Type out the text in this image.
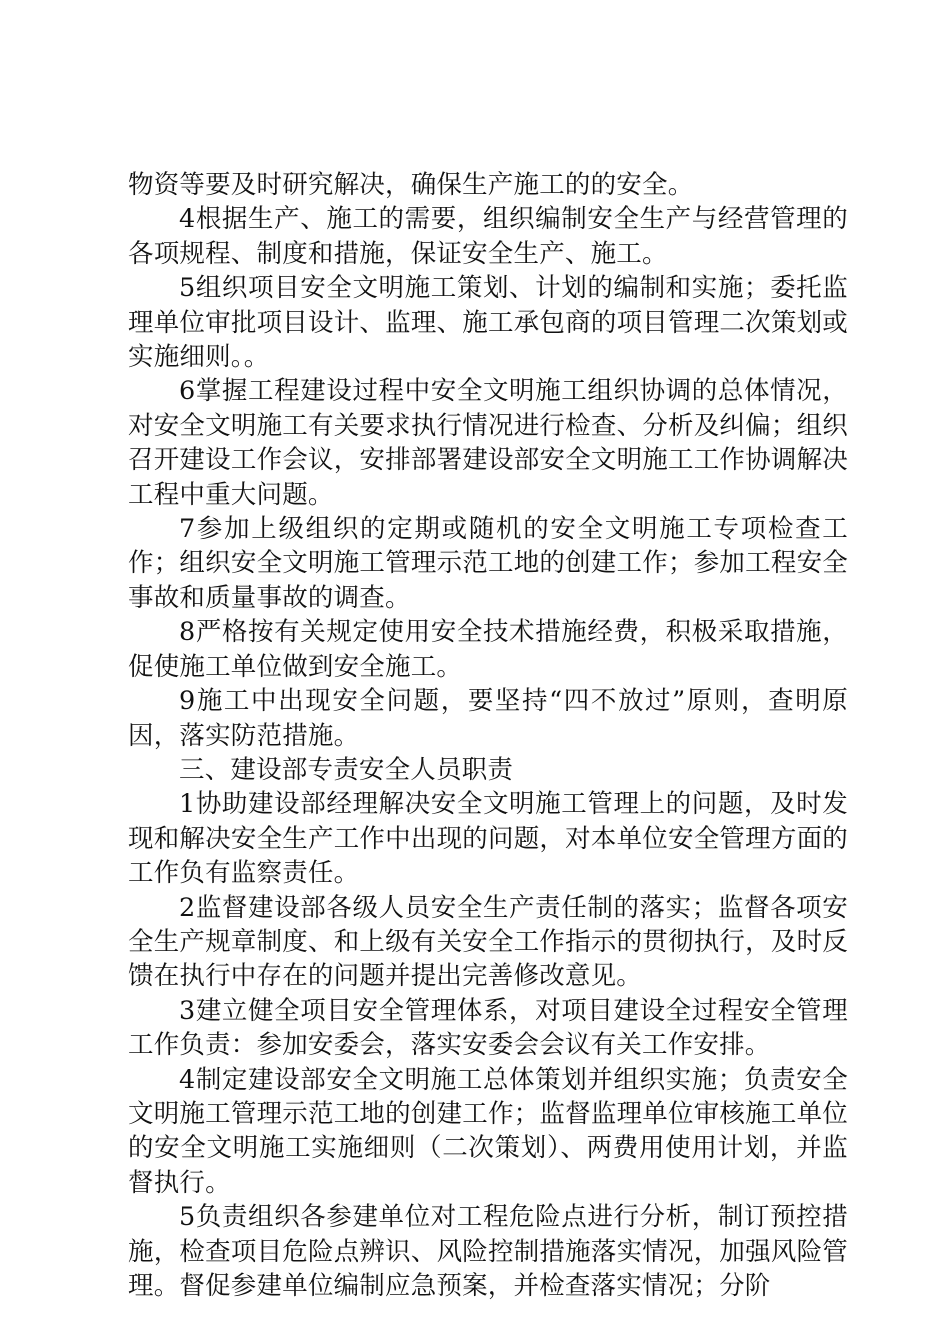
物资等要及时研究解决，确保生产施工的的安全。

4根据生产、施工的需要，组织编制安全生产与经营管理的各项规程、制度和措施，保证安全生产、施工。

5组织项目安全文明施工策划、计划的编制和实施；委托监理单位审批项目设计、监理、施工承包商的项目管理二次策划或实施细则。。

6掌握工程建设过程中安全文明施工组织协调的总体情况，对安全文明施工有关要求执行情况进行检查、分析及纠偏；组织召开建设工作会议，安排部署建设部安全文明施工工作协调解决工程中重大问题。

7参加上级组织的定期或随机的安全文明施工专项检查工作；组织安全文明施工管理示范工地的创建工作；参加工程安全事故和质量事故的调查。

8严格按有关规定使用安全技术措施经费，积极采取措施，促使施工单位做到安全施工。

9施工中出现安全问题，要坚持“四不放过”原则，查明原因，落实防范措施。

三、建设部专责安全人员职责

1协助建设部经理解决安全文明施工管理上的问题，及时发现和解决安全生产工作中出现的问题，对本单位安全管理方面的工作负有监察责任。

2监督建设部各级人员安全生产责任制的落实；监督各项安全生产规章制度、和上级有关安全工作指示的贯彻执行，及时反馈在执行中存在的问题并提出完善修改意见。

3建立健全项目安全管理体系，对项目建设全过程安全管理工作负责：参加安委会，落实安委会会议有关工作安排。

4制定建设部安全文明施工总体策划并组织实施；负责安全文明施工管理示范工地的创建工作；监督监理单位审核施工单位的安全文明施工实施细则（二次策划）、两费用使用计划，并监督执行。

5负责组织各参建单位对工程危险点进行分析，制订预控措施，检查项目危险点辨识、风险控制措施落实情况，加强风险管理。督促参建单位编制应急预案，并检查落实情况；分阶
